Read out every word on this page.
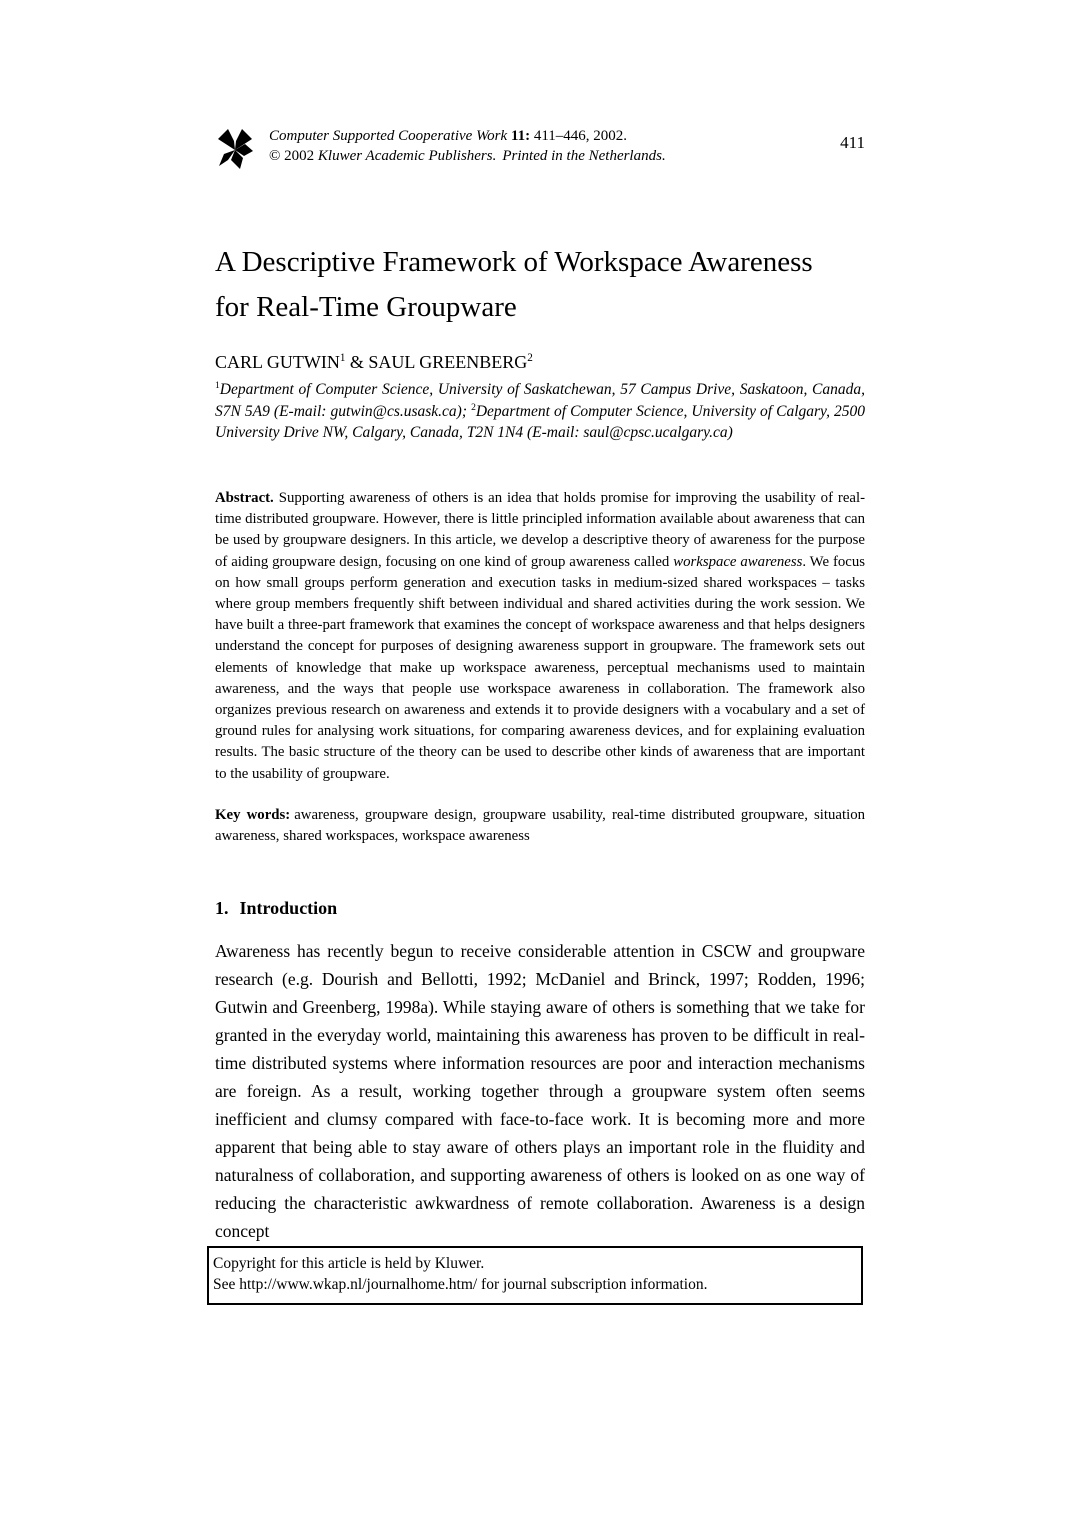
Computer Supported Cooperative Work 11: 411–446, 2002.
© 2002 Kluwer Academic Publishers. Printed in the Netherlands.
411
A Descriptive Framework of Workspace Awareness
for Real-Time Groupware
CARL GUTWIN$^1$ & SAUL GREENBERG$^2$
$^1$Department of Computer Science, University of Saskatchewan, 57 Campus Drive, Saskatoon, Canada, S7N 5A9 (E-mail: gutwin@cs.usask.ca); $^2$Department of Computer Science, University of Calgary, 2500 University Drive NW, Calgary, Canada, T2N 1N4 (E-mail: saul@cpsc.ucalgary.ca)
Abstract. Supporting awareness of others is an idea that holds promise for improving the usability of real-time distributed groupware. However, there is little principled information available about awareness that can be used by groupware designers. In this article, we develop a descriptive theory of awareness for the purpose of aiding groupware design, focusing on one kind of group awareness called workspace awareness. We focus on how small groups perform generation and execution tasks in medium-sized shared workspaces – tasks where group members frequently shift between individual and shared activities during the work session. We have built a three-part framework that examines the concept of workspace awareness and that helps designers understand the concept for purposes of designing awareness support in groupware. The framework sets out elements of knowledge that make up workspace awareness, perceptual mechanisms used to maintain awareness, and the ways that people use workspace awareness in collaboration. The framework also organizes previous research on awareness and extends it to provide designers with a vocabulary and a set of ground rules for analysing work situations, for comparing awareness devices, and for explaining evaluation results. The basic structure of the theory can be used to describe other kinds of awareness that are important to the usability of groupware.
Key words: awareness, groupware design, groupware usability, real-time distributed groupware, situation awareness, shared workspaces, workspace awareness
1. Introduction

Awareness has recently begun to receive considerable attention in CSCW and groupware research (e.g. Dourish and Bellotti, 1992; McDaniel and Brinck, 1997; Rodden, 1996; Gutwin and Greenberg, 1998a). While staying aware of others is something that we take for granted in the everyday world, maintaining this awareness has proven to be difficult in real-time distributed systems where information resources are poor and interaction mechanisms are foreign. As a result, working together through a groupware system often seems inefficient and clumsy compared with face-to-face work. It is becoming more and more apparent that being able to stay aware of others plays an important role in the fluidity and naturalness of collaboration, and supporting awareness of others is looked on as one way of reducing the characteristic awkwardness of remote collaboration. Awareness is a design concept

Copyright for this article is held by Kluwer.
See http://www.wkap.nl/journalhome.htm/ for journal subscription information.
